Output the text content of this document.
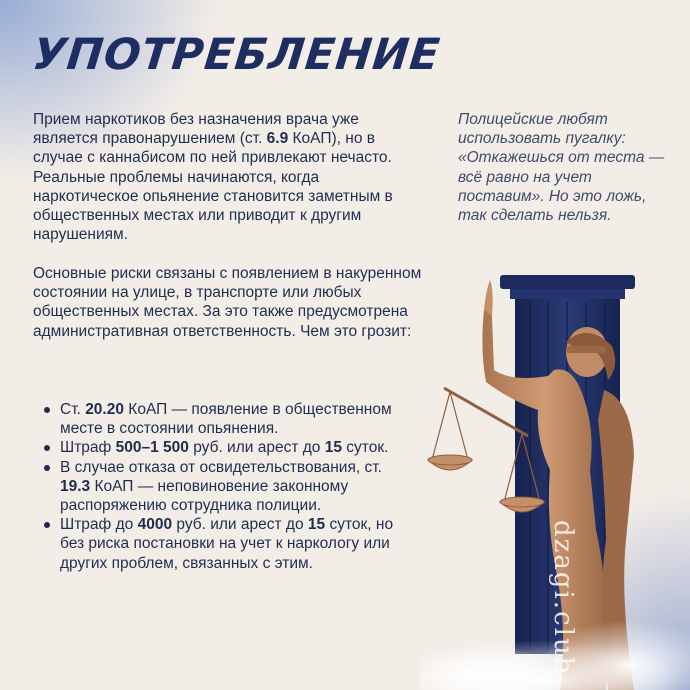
УПОТРЕБЛЕНИЕ
Прием наркотиков без назначения врача уже является правонарушением (ст. 6.9 КоАП), но в случае с каннабисом по ней привлекают нечасто. Реальные проблемы начинаются, когда наркотическое опьянение становится заметным в общественных местах или приводит к другим нарушениям.
Основные риски связаны с появлением в накуренном состоянии на улице, в транспорте или любых общественных местах. За это также предусмотрена административная ответственность. Чем это грозит:
Полицейские любят использовать пугалку: «Откажешься от теста — всё равно на учет поставим». Но это ложь, так сделать нельзя.
Ст. 20.20 КоАП — появление в общественном месте в состоянии опьянения.
Штраф 500–1 500 руб. или арест до 15 суток.
В случае отказа от освидетельствования, ст. 19.3 КоАП — неповиновение законному распоряжению сотрудника полиции.
Штраф до 4000 руб. или арест до 15 суток, но без риска постановки на учет к наркологу или других проблем, связанных с этим.	dzagi.club
